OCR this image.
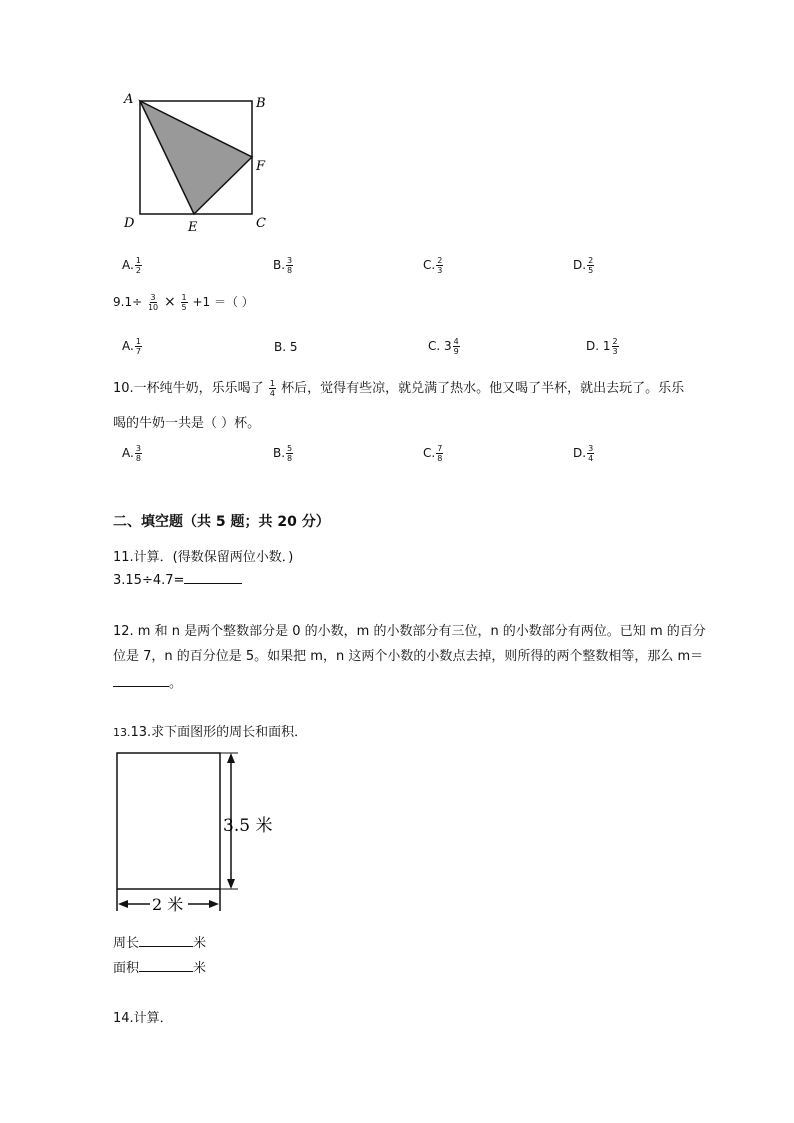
A	B
F
D	E	C
A. $\frac{1}{2}$	B. $\frac{3}{8}$	C. $\frac{2}{3}$	D. $\frac{2}{5}$
$9.1\div \frac{3}{10} \times \frac{1}{5} +1$ ＝（ ）
A. $\frac{1}{7}$	B. 5	C. $3 \frac{4}{9}$	D. $1 \frac{2}{3}$
10.一杯纯牛奶，乐乐喝了 $\frac{1}{4}$ 杯后，觉得有些凉，就兑满了热水。他又喝了半杯，就出去玩了。乐乐
喝的牛奶一共是（ ）杯。
A. $\frac{3}{8}$	B. $\frac{5}{8}$	C. $\frac{7}{8}$	D. $\frac{3}{4}$
二、填空题（共 5 题；共 20 分）
11.计算．(得数保留两位小数．)
3.15÷4.7=
12. m 和 n 是两个整数部分是 0 的小数，m 的小数部分有三位，n 的小数部分有两位。已知 m 的百分
位是 7，n 的百分位是 5。如果把 m，n 这两个小数的小数点去掉，则所得的两个整数相等，那么 m＝
。
13.13.求下面图形的周长和面积．
3.5 米
2 米
周长	米
面积	米
14.计算．
